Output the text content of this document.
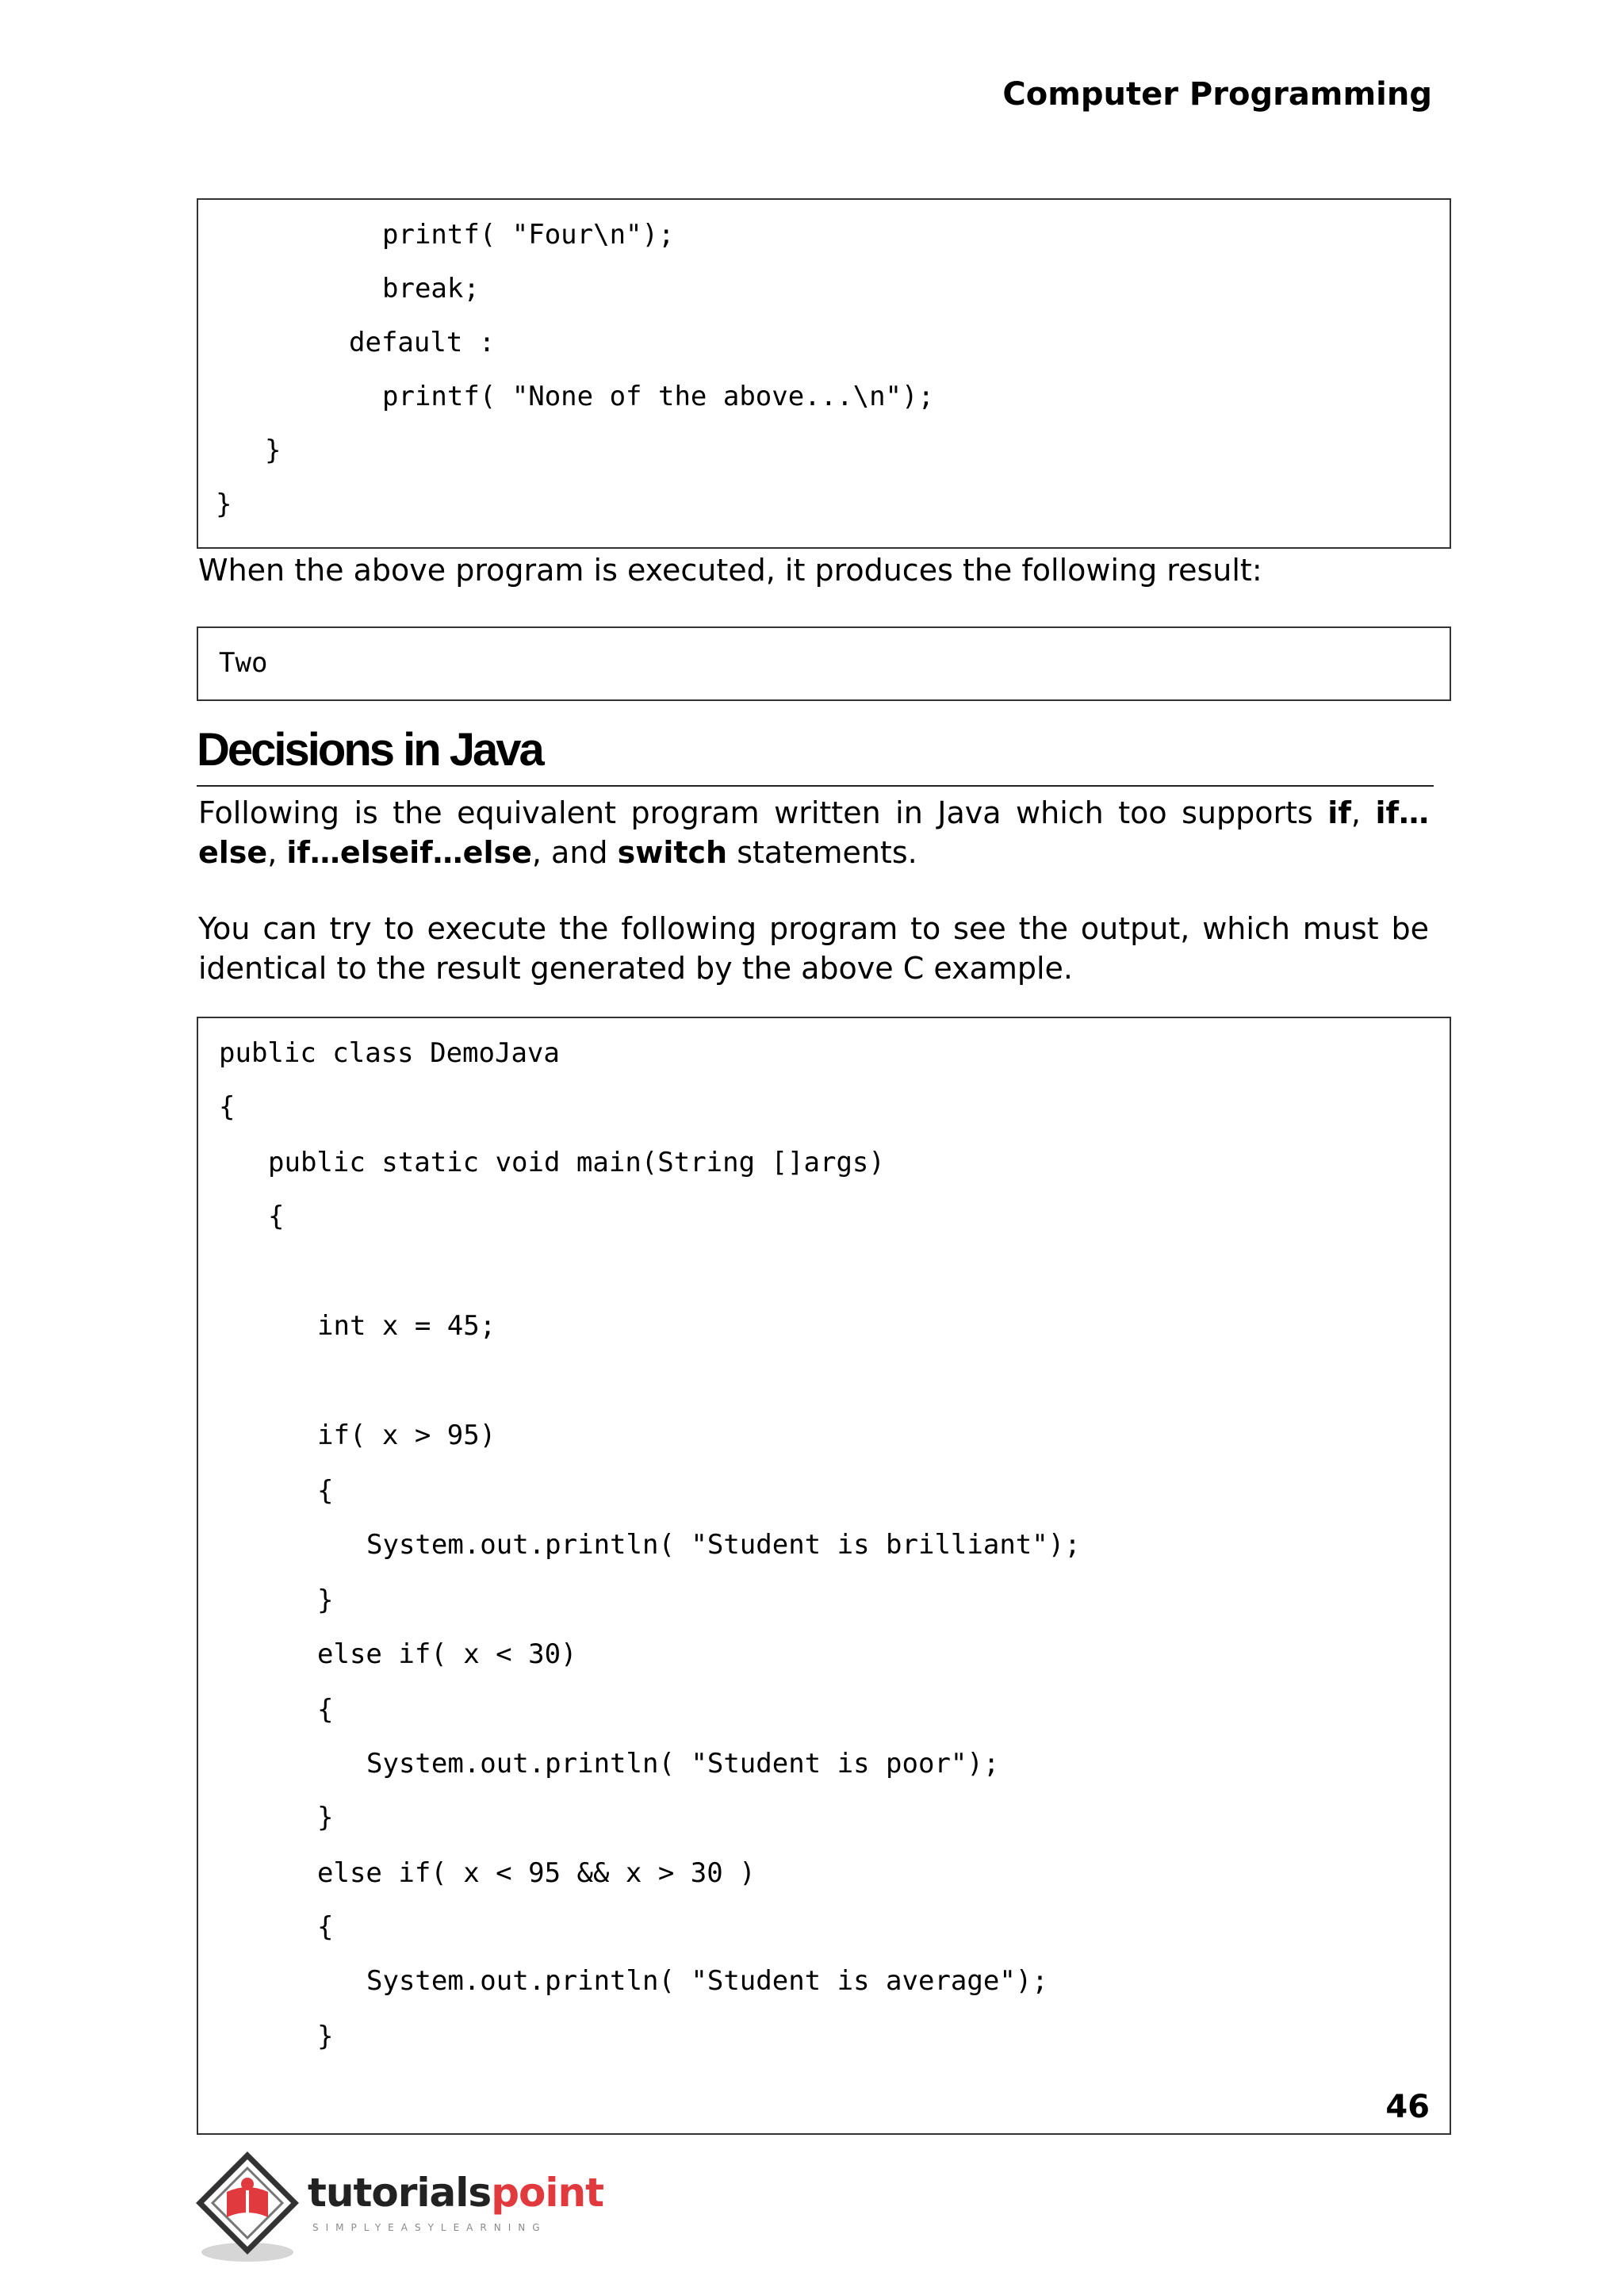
Computer Programming
printf( "Four\n");
break;
default :
printf( "None of the above...\n");
}
}
When the above program is executed, it produces the following result:
Two
Decisions in Java
Following is the equivalent program written in Java which too supports if, if…else, if…elseif…else, and switch statements.
You can try to execute the following program to see the output, which must be identical to the result generated by the above C example.
public class DemoJava
{
public static void main(String []args)
{
int x = 45;
if( x > 95)
{
System.out.println( "Student is brilliant");
}
else if( x < 30)
{
System.out.println( "Student is poor");
}
else if( x < 95 && x > 30 )
{
System.out.println( "Student is average");
}
46
tutorialspoint
SIMPLYEASYLEARNING
